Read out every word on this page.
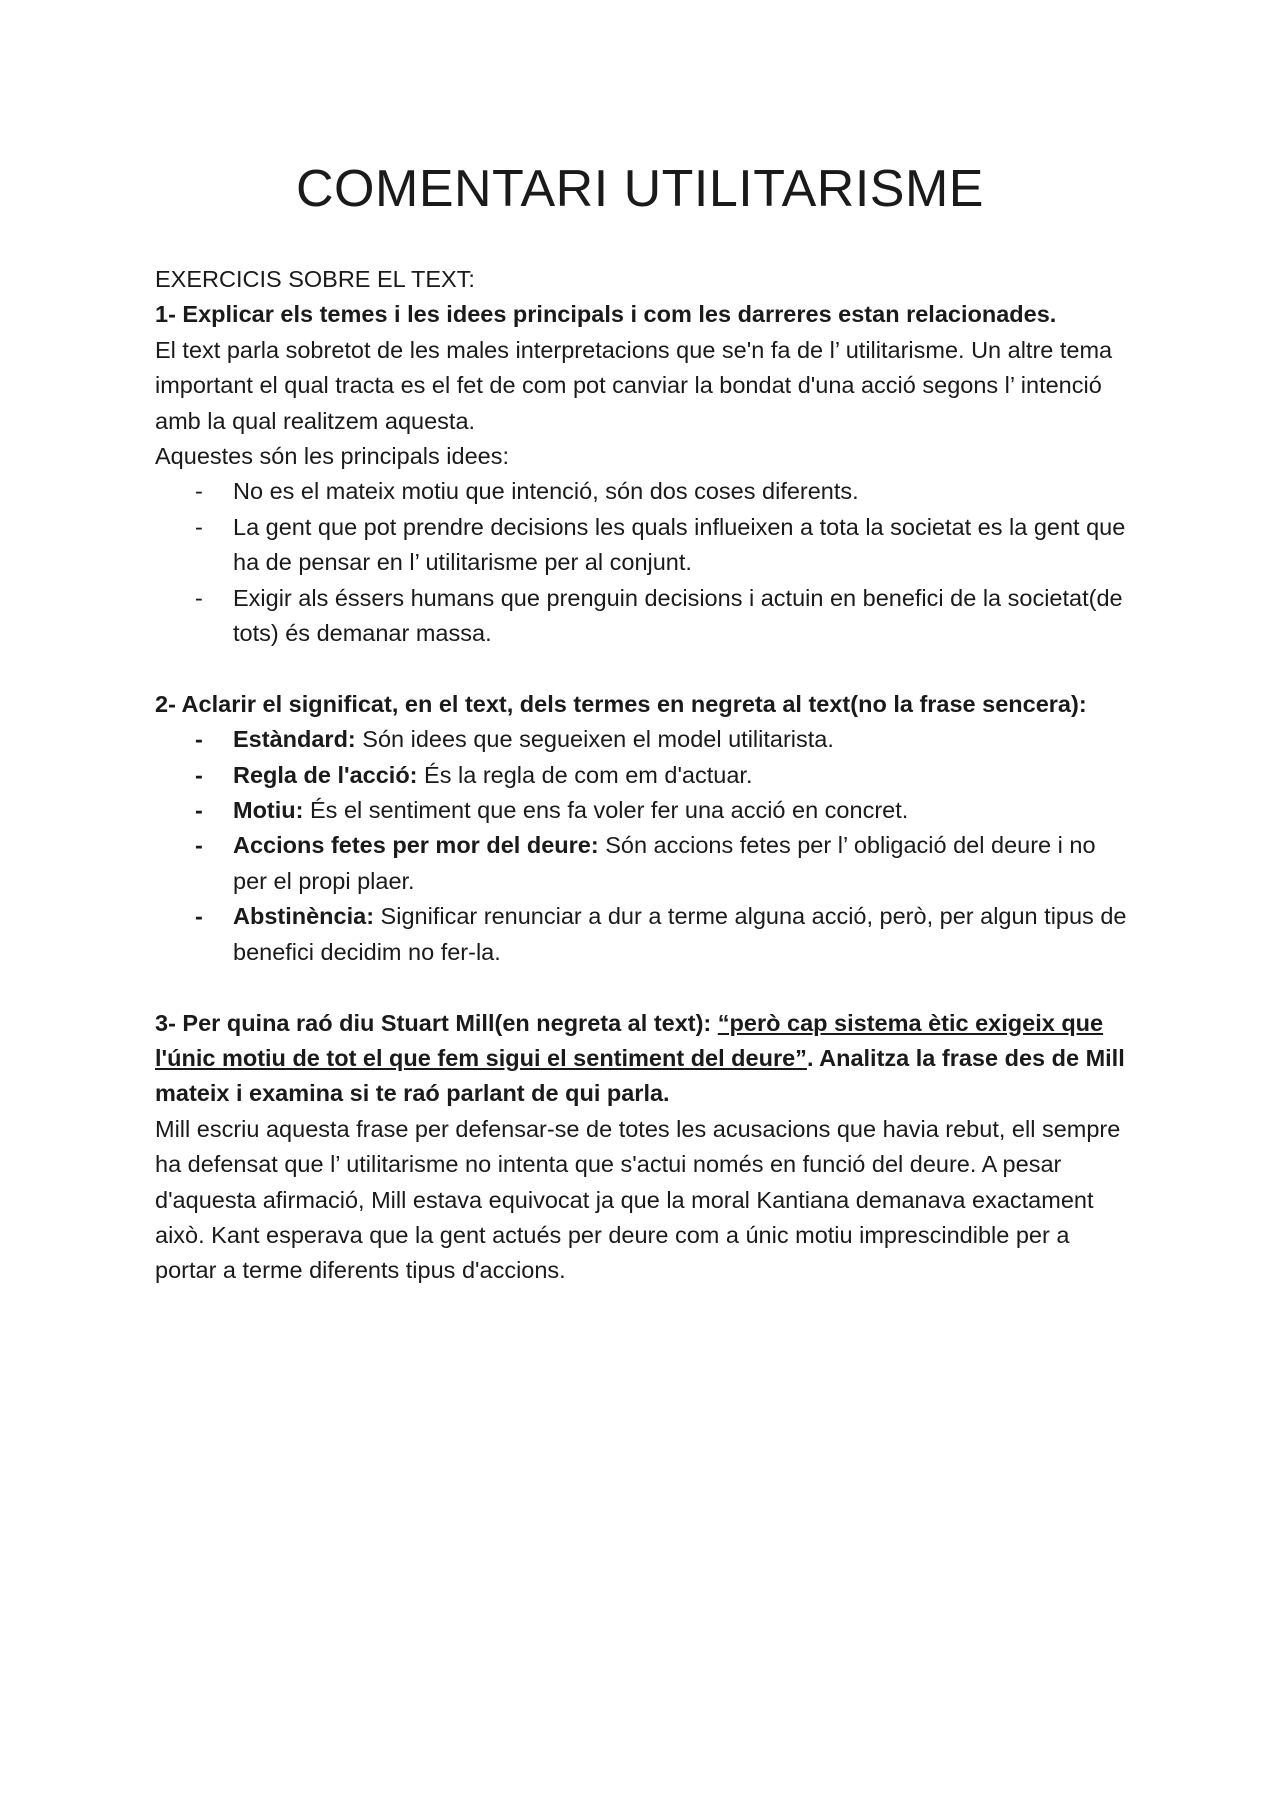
COMENTARI UTILITARISME

EXERCICIS SOBRE EL TEXT:

1- Explicar els temes i les idees principals i com les darreres estan relacionades.

El text parla sobretot de les males interpretacions que se'n fa de l’ utilitarisme. Un altre tema important el qual tracta es el fet de com pot canviar la bondat d'una acció segons l’ intenció amb la qual realitzem aquesta.

Aquestes són les principals idees:

- No es el mateix motiu que intenció, són dos coses diferents.
- La gent que pot prendre decisions les quals influeixen a tota la societat es la gent que ha de pensar en l’ utilitarisme per al conjunt.
- Exigir als éssers humans que prenguin decisions i actuin en benefici de la societat(de tots) és demanar massa.

2- Aclarir el significat, en el text, dels termes en negreta al text(no la frase sencera):

- Estàndard: Són idees que segueixen el model utilitarista.
- Regla de l'acció: És la regla de com em d'actuar.
- Motiu: És el sentiment que ens fa voler fer una acció en concret.
- Accions fetes per mor del deure: Són accions fetes per l’ obligació del deure i no per el propi plaer.
- Abstinència: Significar renunciar a dur a terme alguna acció, però, per algun tipus de benefici decidim no fer-la.

3- Per quina raó diu Stuart Mill(en negreta al text): “però cap sistema ètic exigeix que l'únic motiu de tot el que fem sigui el sentiment del deure”. Analitza la frase des de Mill mateix i examina si te raó parlant de qui parla.

Mill escriu aquesta frase per defensar-se de totes les acusacions que havia rebut, ell sempre ha defensat que l’ utilitarisme no intenta que s'actui només en funció del deure. A pesar d'aquesta afirmació, Mill estava equivocat ja que la moral Kantiana demanava exactament això. Kant esperava que la gent actués per deure com a únic motiu imprescindible per a portar a terme diferents tipus d'accions.
